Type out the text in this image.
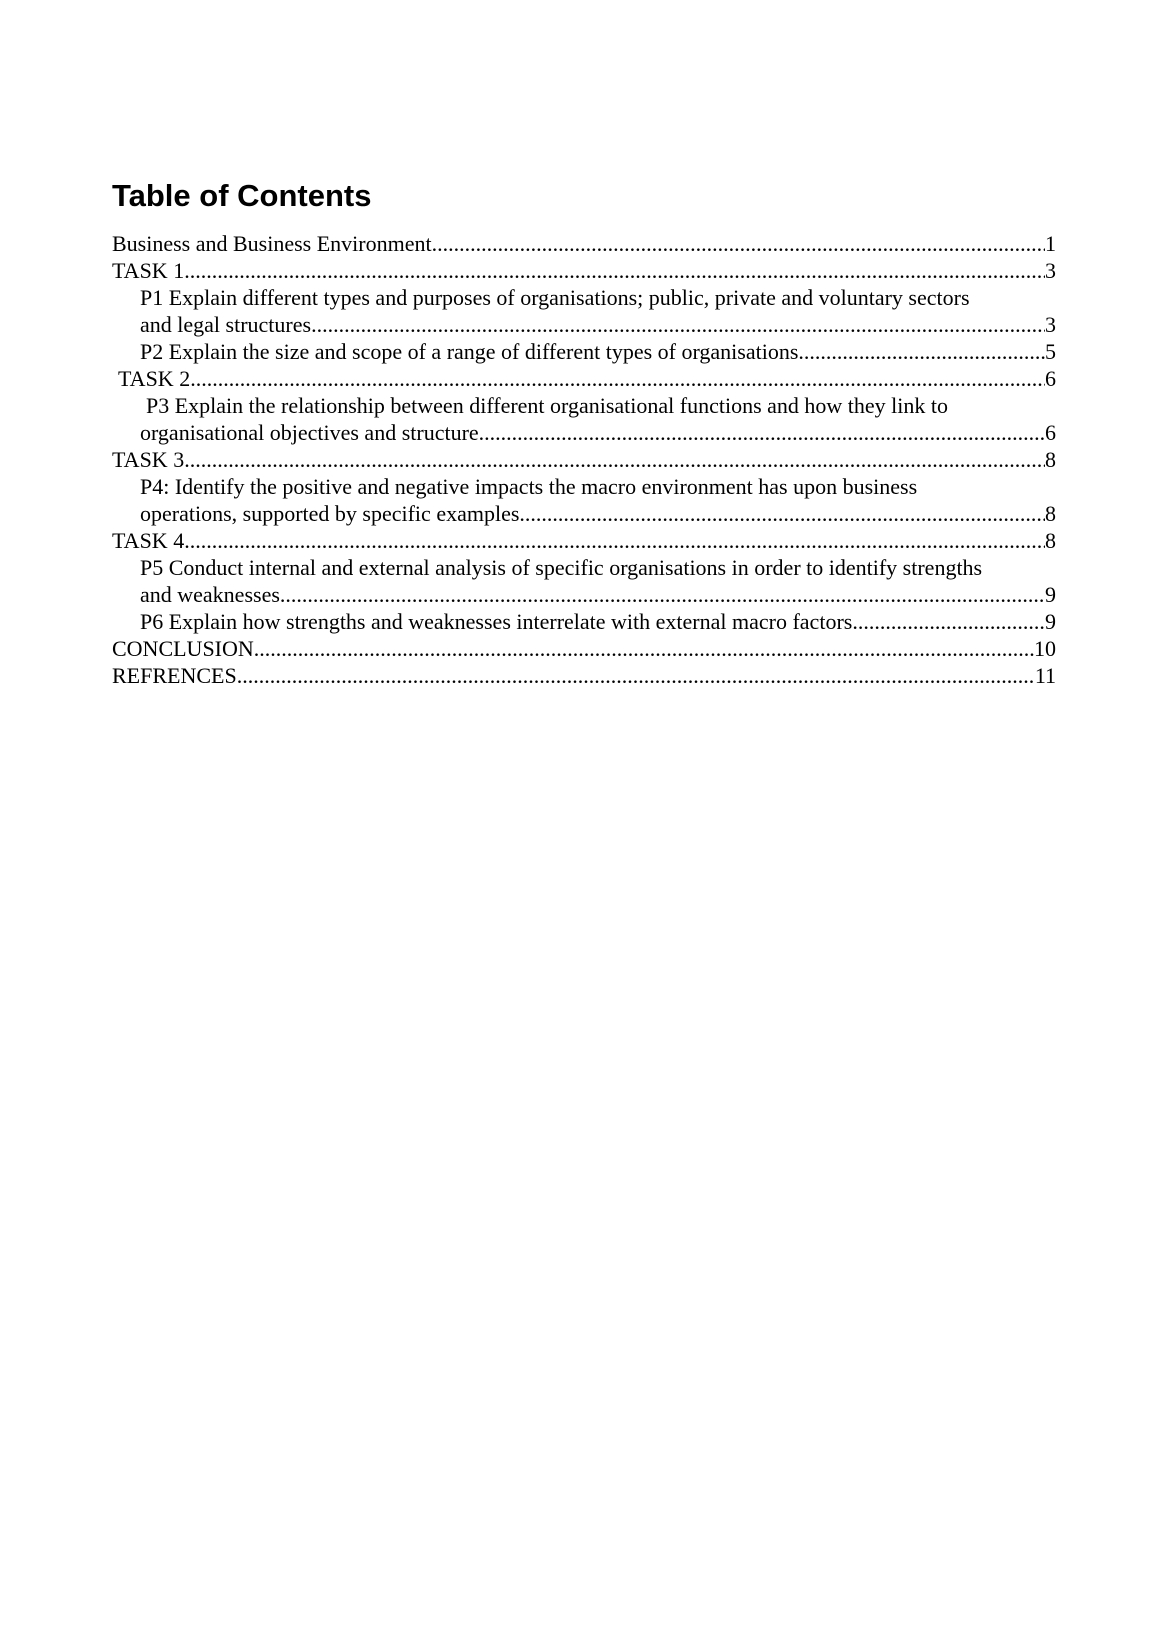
Table of Contents
Business and Business Environment .....	1
TASK 1 .....	3
P1 Explain different types and purposes of organisations; public, private and voluntary sectors
and legal structures .....	3
P2 Explain the size and scope of a range of different types of organisations .....	5
TASK 2 .....	6
P3 Explain the relationship between different organisational functions and how they link to
organisational objectives and structure .....	6
TASK 3 .....	8
P4: Identify the positive and negative impacts the macro environment has upon business
operations, supported by specific examples .....	8
TASK 4 .....	8
P5 Conduct internal and external analysis of specific organisations in order to identify strengths
and weaknesses .....	9
P6 Explain how strengths and weaknesses interrelate with external macro factors .....	9
CONCLUSION .....	10
REFRENCES .....	11
